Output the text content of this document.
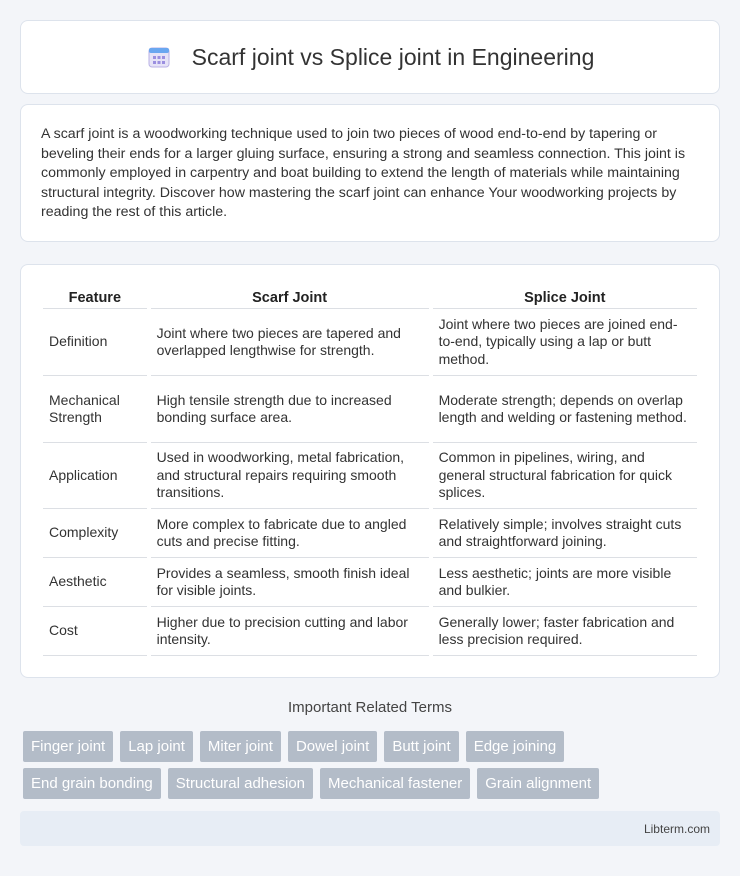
Scarf joint vs Splice joint in Engineering

A scarf joint is a woodworking technique used to join two pieces of wood end-to-end by tapering or beveling their ends for a larger gluing surface, ensuring a strong and seamless connection. This joint is commonly employed in carpentry and boat building to extend the length of materials while maintaining structural integrity. Discover how mastering the scarf joint can enhance Your woodworking projects by reading the rest of this article.

Feature		Scarf Joint		Splice Joint
Definition		Joint where two pieces are tapered and overlapped lengthwise for strength.		Joint where two pieces are joined end-to-end, typically using a lap or butt method.
Mechanical Strength		High tensile strength due to increased bonding surface area.		Moderate strength; depends on overlap length and welding or fastening method.
Application		Used in woodworking, metal fabrication, and structural repairs requiring smooth transitions.		Common in pipelines, wiring, and general structural fabrication for quick splices.
Complexity		More complex to fabricate due to angled cuts and precise fitting.		Relatively simple; involves straight cuts and straightforward joining.
Aesthetic		Provides a seamless, smooth finish ideal for visible joints.		Less aesthetic; joints are more visible and bulkier.
Cost		Higher due to precision cutting and labor intensity.		Generally lower; faster fabrication and less precision required.
Important Related Terms
Finger joint	Lap joint	Miter joint	Dowel joint	Butt joint	Edge joining
End grain bonding	Structural adhesion	Mechanical fastener	Grain alignment
Libterm.com
